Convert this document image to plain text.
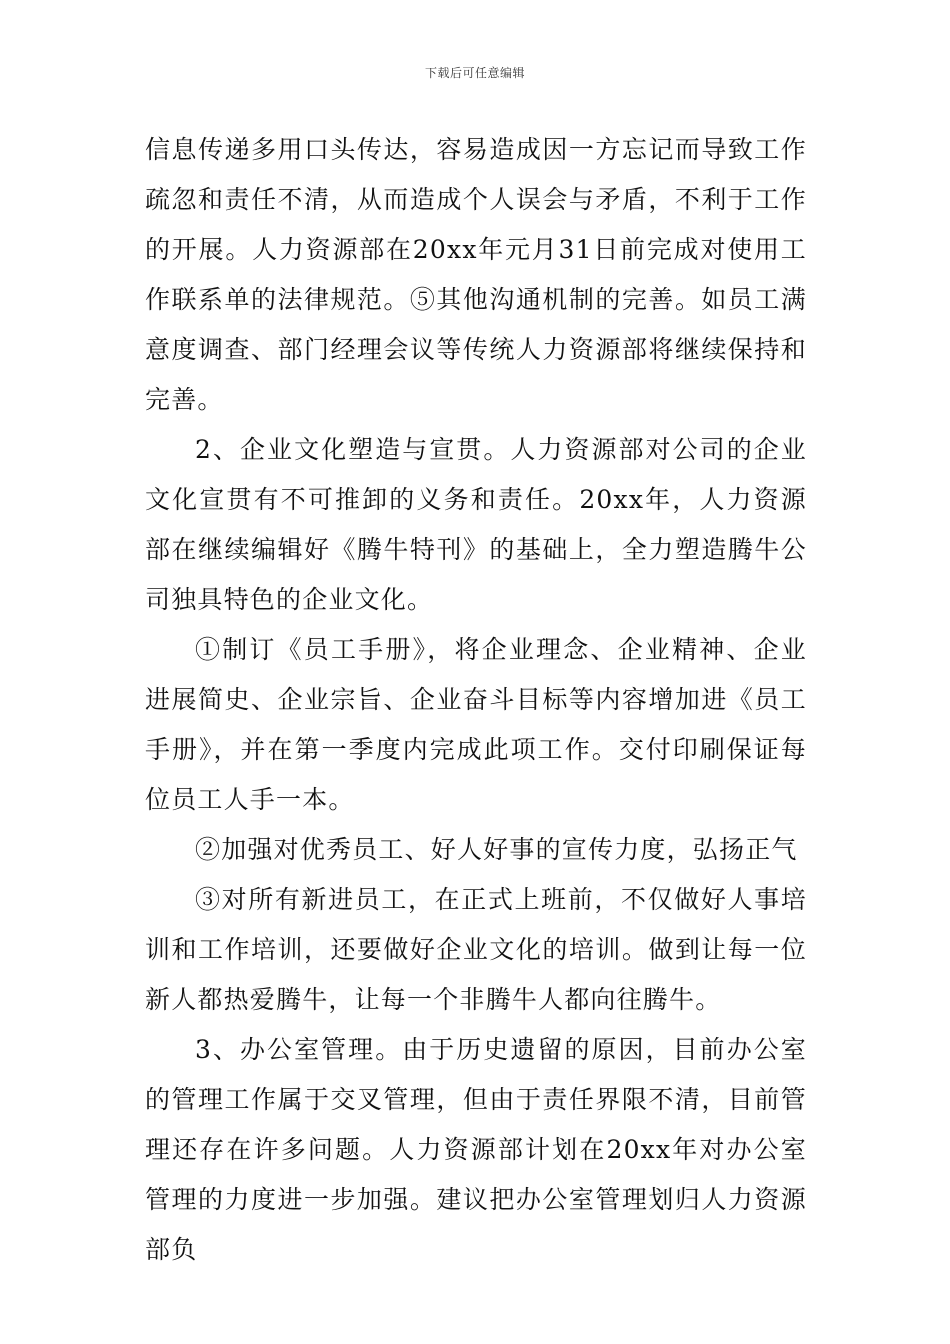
下载后可任意编辑

信息传递多用口头传达，容易造成因一方忘记而导致工作疏忽和责任不清，从而造成个人误会与矛盾，不利于工作的开展。人力资源部在20xx年元月31日前完成对使用工作联系单的法律规范。⑤其他沟通机制的完善。如员工满意度调查、部门经理会议等传统人力资源部将继续保持和完善。

2、企业文化塑造与宣贯。人力资源部对公司的企业文化宣贯有不可推卸的义务和责任。20xx年，人力资源部在继续编辑好《腾牛特刊》的基础上，全力塑造腾牛公司独具特色的企业文化。

①制订《员工手册》，将企业理念、企业精神、企业进展简史、企业宗旨、企业奋斗目标等内容增加进《员工手册》，并在第一季度内完成此项工作。交付印刷保证每位员工人手一本。

②加强对优秀员工、好人好事的宣传力度，弘扬正气

③对所有新进员工，在正式上班前，不仅做好人事培训和工作培训，还要做好企业文化的培训。做到让每一位新人都热爱腾牛，让每一个非腾牛人都向往腾牛。

3、办公室管理。由于历史遗留的原因，目前办公室的管理工作属于交叉管理，但由于责任界限不清，目前管理还存在许多问题。人力资源部计划在20xx年对办公室管理的力度进一步加强。建议把办公室管理划归人力资源部负
